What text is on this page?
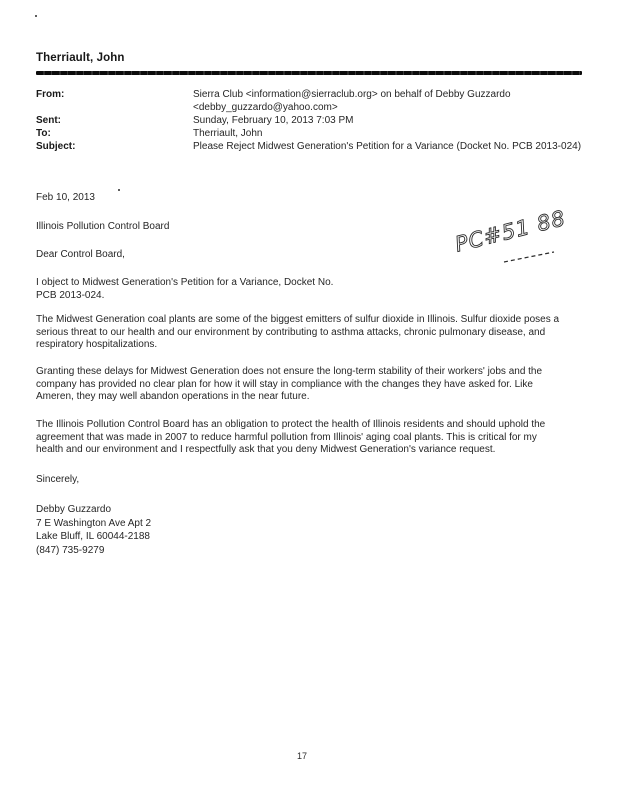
Therriault, John
From:	Sierra Club <information@sierraclub.org> on behalf of Debby Guzzardo
<debby_guzzardo@yahoo.com>
Sent:	Sunday, February 10, 2013 7:03 PM
To:	Therriault, John
Subject:	Please Reject Midwest Generation's Petition for a Variance (Docket No. PCB 2013-024)
PC#51 88
Feb 10, 2013
Illinois Pollution Control Board
Dear Control Board,
I object to Midwest Generation's Petition for a Variance, Docket No.
PCB 2013-024.
The Midwest Generation coal plants are some of the biggest emitters of sulfur dioxide in Illinois. Sulfur dioxide poses a
serious threat to our health and our environment by contributing to asthma attacks, chronic pulmonary disease, and
respiratory hospitalizations.
Granting these delays for Midwest Generation does not ensure the long-term stability of their workers' jobs and the
company has provided no clear plan for how it will stay in compliance with the changes they have asked for. Like
Ameren, they may well abandon operations in the near future.
The Illinois Pollution Control Board has an obligation to protect the health of Illinois residents and should uphold the
agreement that was made in 2007 to reduce harmful pollution from Illinois' aging coal plants. This is critical for my
health and our environment and I respectfully ask that you deny Midwest Generation's variance request.
Sincerely,
Debby Guzzardo
7 E Washington Ave Apt 2
Lake Bluff, IL 60044-2188
(847) 735-9279
17
